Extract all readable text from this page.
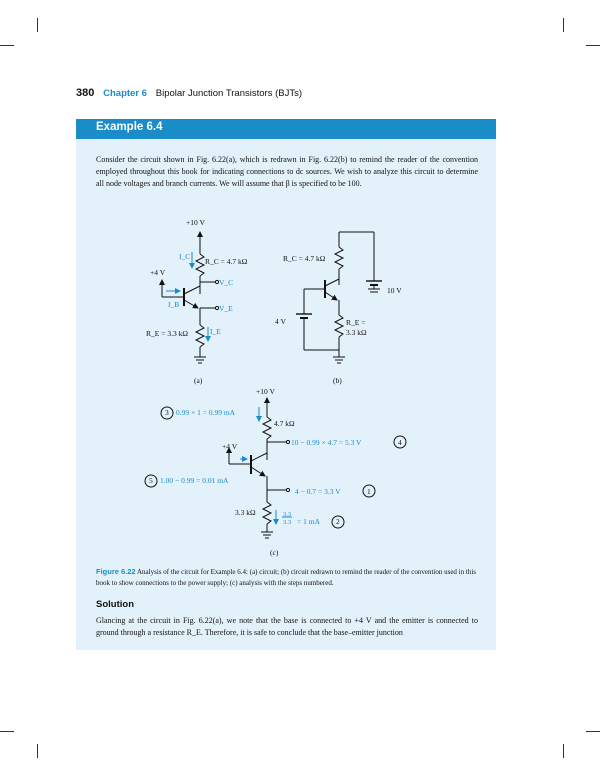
380 Chapter 6 Bipolar Junction Transistors (BJTs)
Example 6.4
Consider the circuit shown in Fig. 6.22(a), which is redrawn in Fig. 6.22(b) to remind the reader of the convention employed throughout this book for indicating connections to dc sources. We wish to analyze this circuit to determine all node voltages and branch currents. We will assume that β is specified to be 100.
+10 V
I_C
R_C = 4.7 kΩ
+4 V
V_C
I_B	V_E
R_E = 3.3 kΩ	I_E
(a)
R_C = 4.7 kΩ
10 V
4 V	R_E =
3.3 kΩ
(b)
+10 V
3 0.99 × 1 = 0.99 mA
4.7 kΩ
10 − 0.99 × 4.7 = 5.3 V	4
+4 V
5 1.00 − 0.99 = 0.01 mA
4 − 0.7 = 3.3 V	1
3.3 kΩ	3.3
3.3 = 1 mA 2
(c)
Figure 6.22 Analysis of the circuit for Example 6.4: (a) circuit; (b) circuit redrawn to remind the reader of the convention used in this book to show connections to the power supply; (c) analysis with the steps numbered.
Solution
Glancing at the circuit in Fig. 6.22(a), we note that the base is connected to +4 V and the emitter is connected to ground through a resistance R_E. Therefore, it is safe to conclude that the base–emitter junction
